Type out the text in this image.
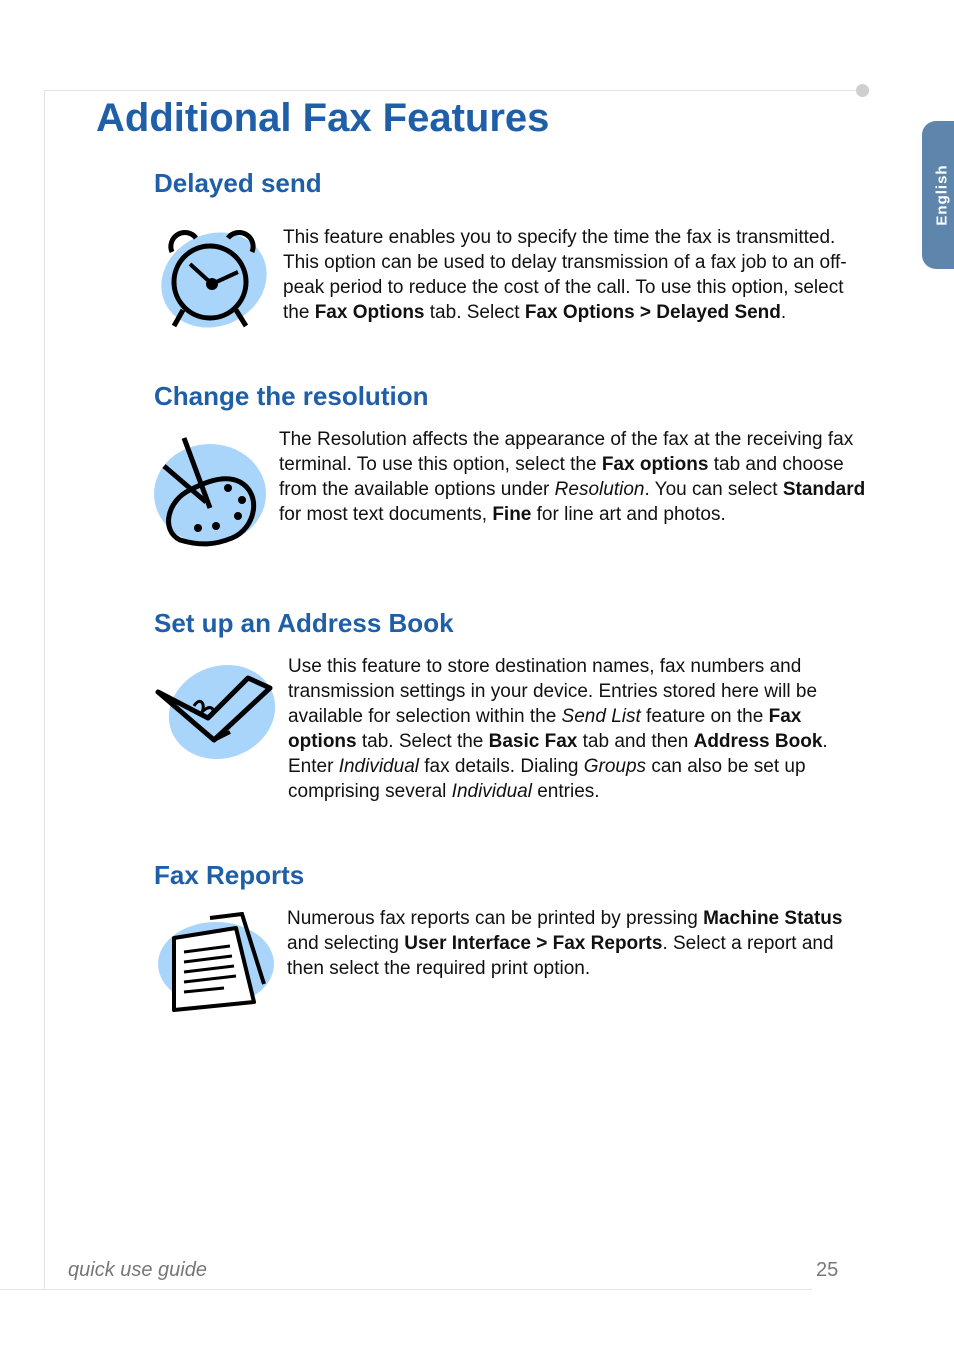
English
Additional Fax Features
Delayed send

This feature enables you to specify the time the fax is transmitted. This option can be used to delay transmission of a fax job to an off-peak period to reduce the cost of the call. To use this option, select the Fax Options tab. Select Fax Options > Delayed Send.

Change the resolution

The Resolution affects the appearance of the fax at the receiving fax terminal. To use this option, select the Fax options tab and choose from the available options under Resolution. You can select Standard for most text documents, Fine for line art and photos.

Set up an Address Book

Use this feature to store destination names, fax numbers and transmission settings in your device. Entries stored here will be available for selection within the Send List feature on the Fax options tab. Select the Basic Fax tab and then Address Book. Enter Individual fax details. Dialing Groups can also be set up comprising several Individual entries.

Fax Reports

Numerous fax reports can be printed by pressing Machine Status and selecting User Interface > Fax Reports. Select a report and then select the required print option.

quick use guide	25
